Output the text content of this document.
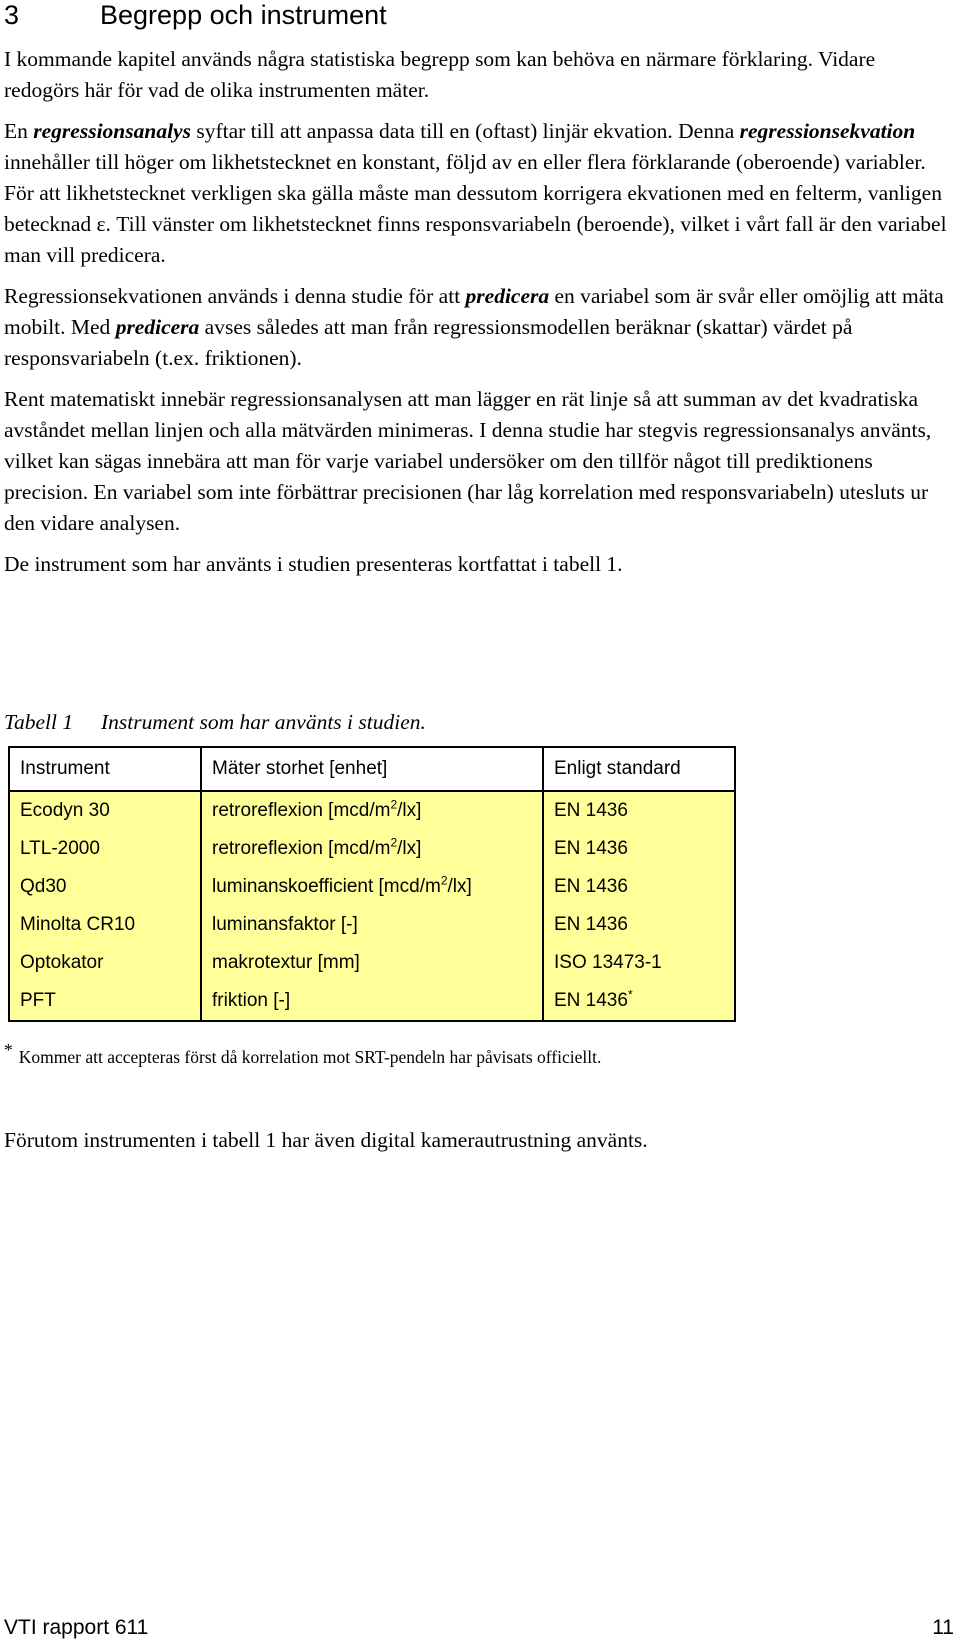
3	Begrepp och instrument

I kommande kapitel används några statistiska begrepp som kan behöva en närmare förklaring. Vidare redogörs här för vad de olika instrumenten mäter.

En regressionsanalys syftar till att anpassa data till en (oftast) linjär ekvation. Denna regressionsekvation innehåller till höger om likhetstecknet en konstant, följd av en eller flera förklarande (oberoende) variabler. För att likhetstecknet verkligen ska gälla måste man dessutom korrigera ekvationen med en felterm, vanligen betecknad ε. Till vänster om likhetstecknet finns responsvariabeln (beroende), vilket i vårt fall är den variabel man vill predicera.

Regressionsekvationen används i denna studie för att predicera en variabel som är svår eller omöjlig att mäta mobilt. Med predicera avses således att man från regressionsmodellen beräknar (skattar) värdet på responsvariabeln (t.ex. friktionen).

Rent matematiskt innebär regressionsanalysen att man lägger en rät linje så att summan av det kvadratiska avståndet mellan linjen och alla mätvärden minimeras. I denna studie har stegvis regressionsanalys använts, vilket kan sägas innebära att man för varje variabel undersöker om den tillför något till prediktionens precision. En variabel som inte förbättrar precisionen (har låg korrelation med responsvariabeln) utesluts ur den vidare analysen.

De instrument som har använts i studien presenteras kortfattat i tabell 1.

Tabell 1 Instrument som har använts i studien.
Instrument	Mäter storhet [enhet]	Enligt standard
Ecodyn 30	retroreflexion $[mcd/m^2/lx]$	EN 1436
LTL-2000	retroreflexion $[mcd/m^2/lx]$	EN 1436
Qd30	luminanskoefficient $[mcd/m^2/lx]$	EN 1436
Minolta CR10	luminansfaktor [-]	EN 1436
Optokator	makrotextur [mm]	ISO 13473-1
PFT	friktion [-]	EN 1436*
* Kommer att accepteras först då korrelation mot SRT-pendeln har påvisats officiellt.
Förutom instrumenten i tabell 1 har även digital kamerautrustning använts.
VTI rapport 611	11
